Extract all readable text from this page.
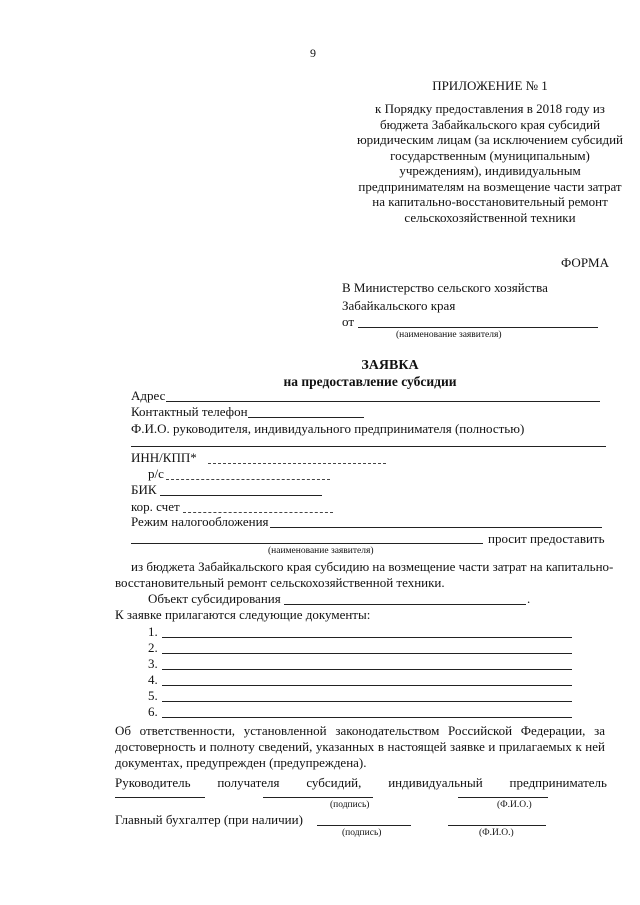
9
ПРИЛОЖЕНИЕ № 1
к Порядку предоставления в 2018 году из
бюджета Забайкальского края субсидий
юридическим лицам (за исключением субсидий
государственным (муниципальным)
учреждениям), индивидуальным
предпринимателям на возмещение части затрат
на капитально-восстановительный ремонт
сельскохозяйственной техники
ФОРМА
В Министерство сельского хозяйства
Забайкальского края
от
(наименование заявителя)
ЗАЯВКА
на предоставление субсидии
Адрес
Контактный телефон
Ф.И.О. руководителя, индивидуального предпринимателя (полностью)
ИНН/КПП*
р/с
БИК
кор. счет
Режим налогообложения
просит предоставить
(наименование заявителя)
из бюджета Забайкальского края субсидию на возмещение части затрат на капитально-
восстановительный ремонт сельскохозяйственной техники.
Объект субсидирования	.
К заявке прилагаются следующие документы:
1.
2.
3.
4.
5.
6.
Об ответственности, установленной законодательством Российской Федерации, за
достоверность и полноту сведений, указанных в настоящей заявке и прилагаемых к ней
документах, предупрежден (предупреждена).
Руководитель получателя субсидий, индивидуальный предприниматель
(подпись)	(Ф.И.О.)
Главный бухгалтер (при наличии)
(подпись)	(Ф.И.О.)
